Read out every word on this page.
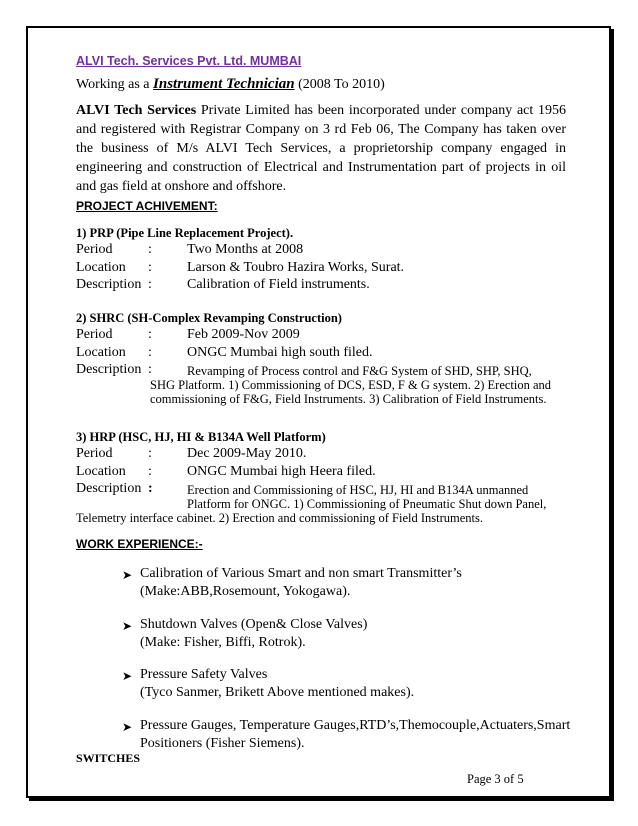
ALVI Tech. Services Pvt. Ltd. MUMBAI
Working as a Instrument Technician (2008 To 2010)
ALVI Tech Services Private Limited has been incorporated under company act 1956 and registered with Registrar Company on 3 rd Feb 06, The Company has taken over the business of M/s ALVI Tech Services, a proprietorship company engaged in engineering and construction of Electrical and Instrumentation part of projects in oil and gas field at onshore and offshore.
PROJECT ACHIVEMENT:
1) PRP (Pipe Line Replacement Project).
Period	:	Two Months at 2008
Location :	Larson & Toubro Hazira Works, Surat.
Description :	Calibration of Field instruments.
2) SHRC (SH-Complex Revamping Construction)
Period	:	Feb 2009-Nov 2009
Location :	ONGC Mumbai high south filed.
Description :	Revamping of Process control and F&G System of SHD, SHP, SHQ,
SHG Platform. 1) Commissioning of DCS, ESD, F & G system. 2) Erection and
commissioning of F&G, Field Instruments. 3) Calibration of Field Instruments.
3) HRP (HSC, HJ, HI & B134A Well Platform)
Period	:	Dec 2009-May 2010.
Location :	ONGC Mumbai high Heera filed.
Description :	Erection and Commissioning of HSC, HJ, HI and B134A unmanned
Platform for ONGC. 1) Commissioning of Pneumatic Shut down Panel,
Telemetry interface cabinet. 2) Erection and commissioning of Field Instruments.
WORK EXPERIENCE:-
➤ Calibration of Various Smart and non smart Transmitter’s
(Make:ABB,Rosemount, Yokogawa).
➤ Shutdown Valves (Open& Close Valves)
(Make: Fisher, Biffi, Rotrok).
➤ Pressure Safety Valves
(Tyco Sanmer, Brikett Above mentioned makes).
➤ Pressure Gauges, Temperature Gauges,RTD’s,Themocouple,Actuaters,Smart
Positioners (Fisher Siemens).
SWITCHES
Page 3 of 5
